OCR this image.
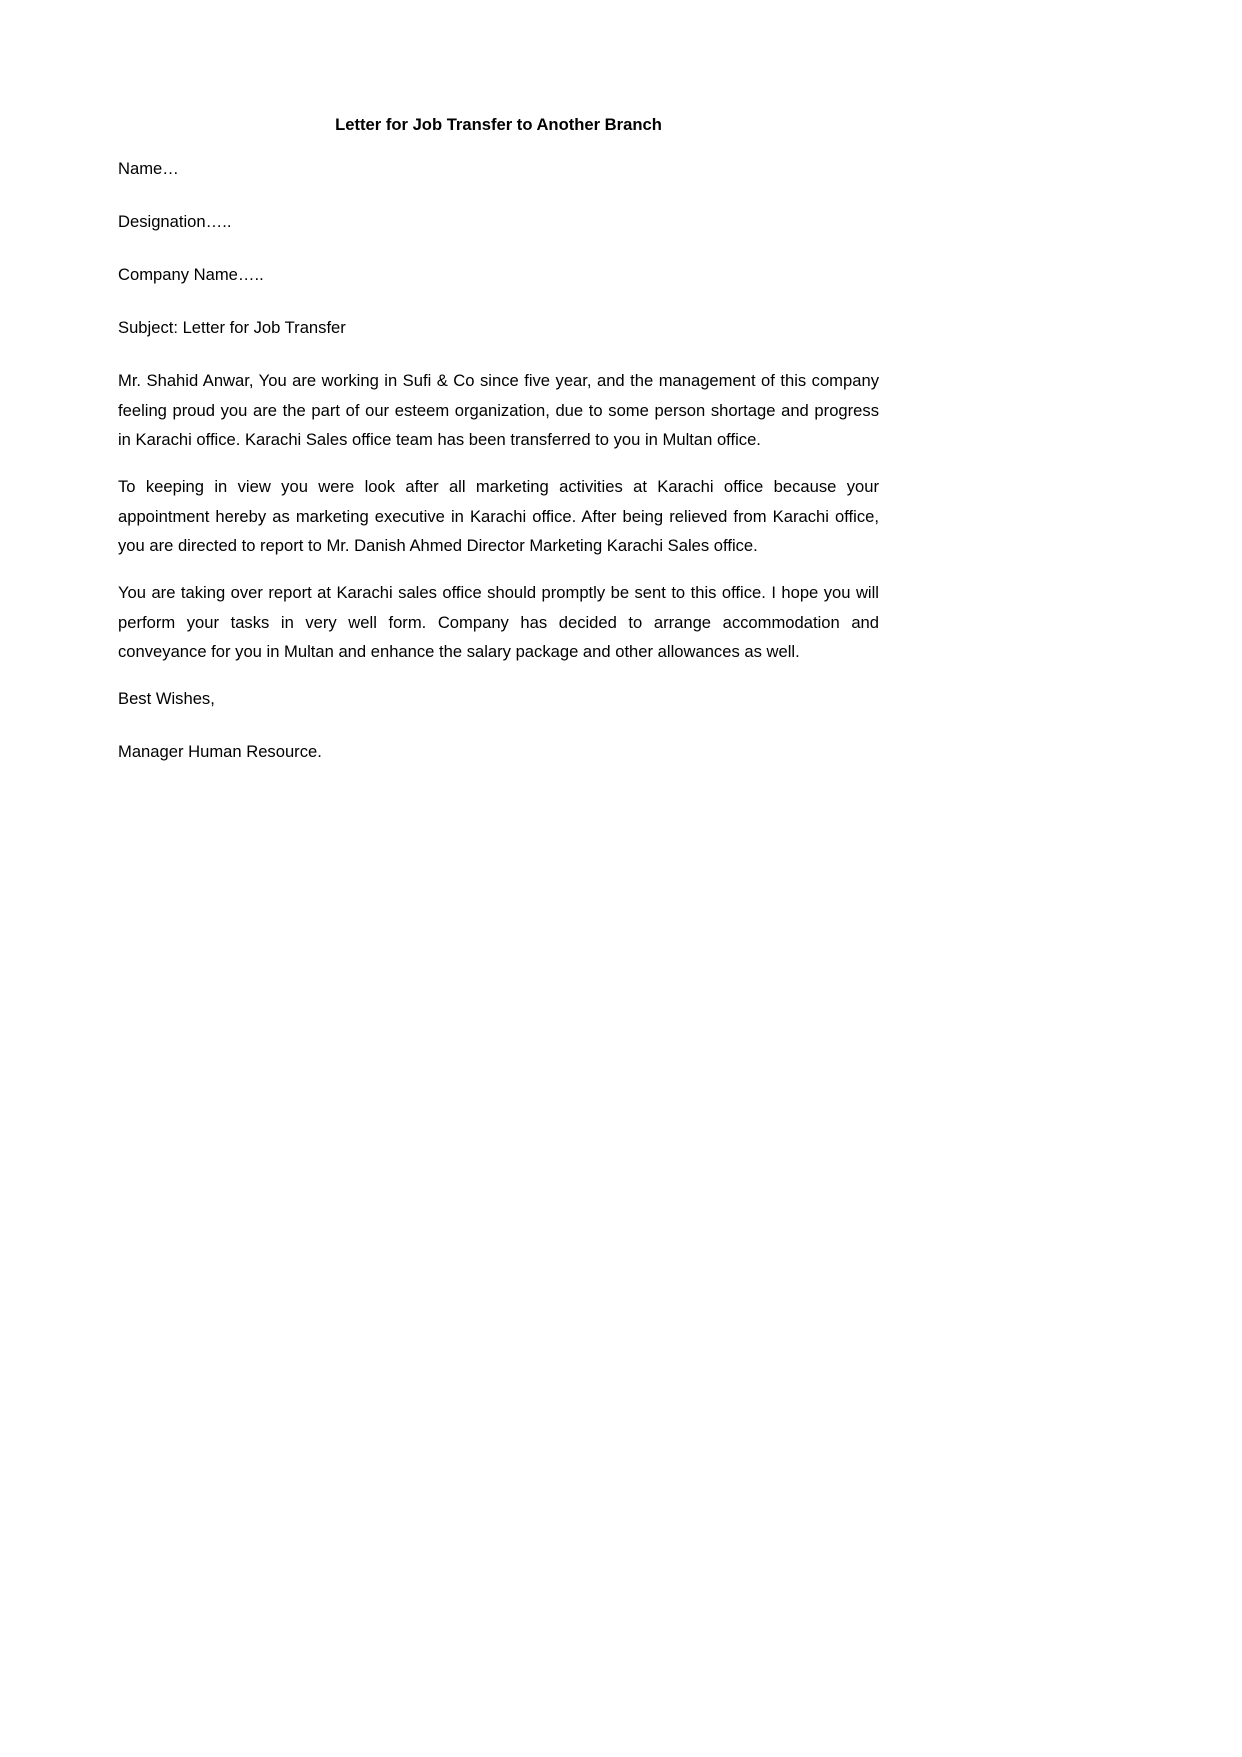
Letter for Job Transfer to Another Branch

Name…

Designation…..

Company Name…..

Subject: Letter for Job Transfer

Mr. Shahid Anwar, You are working in Sufi & Co since five year, and the management of this company feeling proud you are the part of our esteem organization, due to some person shortage and progress in Karachi office. Karachi Sales office team has been transferred to you in Multan office.

To keeping in view you were look after all marketing activities at Karachi office because your appointment hereby as marketing executive in Karachi office. After being relieved from Karachi office, you are directed to report to Mr. Danish Ahmed Director Marketing Karachi Sales office.

You are taking over report at Karachi sales office should promptly be sent to this office. I hope you will perform your tasks in very well form. Company has decided to arrange accommodation and conveyance for you in Multan and enhance the salary package and other allowances as well.

Best Wishes,

Manager Human Resource.
